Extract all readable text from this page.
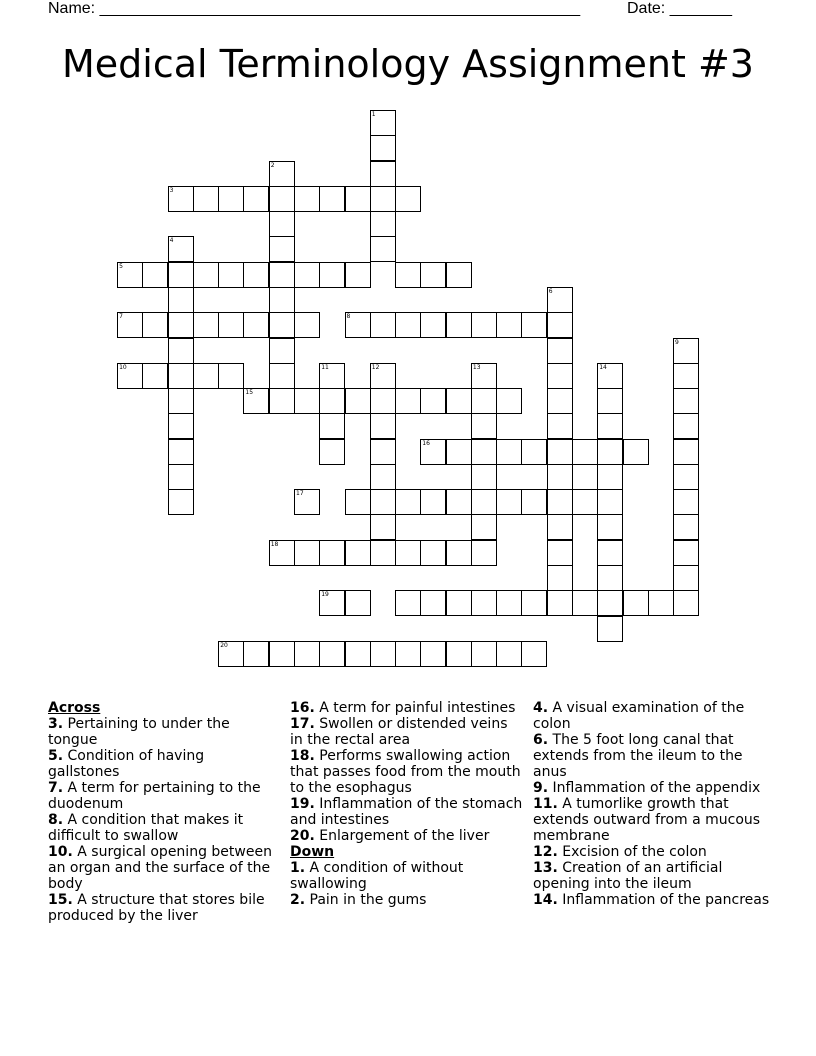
Name: ______________________________________________________	Date: _______
Medical Terminology Assignment #3
1
2
3
4
5
6
7	8
9
10	11	12	13	14
15
16
17
18
19
20
Across
3. Pertaining to under the tongue
5. Condition of having gallstones
7. A term for pertaining to the duodenum
8. A condition that makes it difficult to swallow
10. A surgical opening between an organ and the surface of the body
15. A structure that stores bile produced by the liver
16. A term for painful intestines
17. Swollen or distended veins in the rectal area
18. Performs swallowing action that passes food from the mouth to the esophagus
19. Inflammation of the stomach and intestines
20. Enlargement of the liver
Down
1. A condition of without swallowing
2. Pain in the gums
4. A visual examination of the colon
6. The 5 foot long canal that extends from the ileum to the anus
9. Inflammation of the appendix
11. A tumorlike growth that extends outward from a mucous membrane
12. Excision of the colon
13. Creation of an artificial opening into the ileum
14. Inflammation of the pancreas
